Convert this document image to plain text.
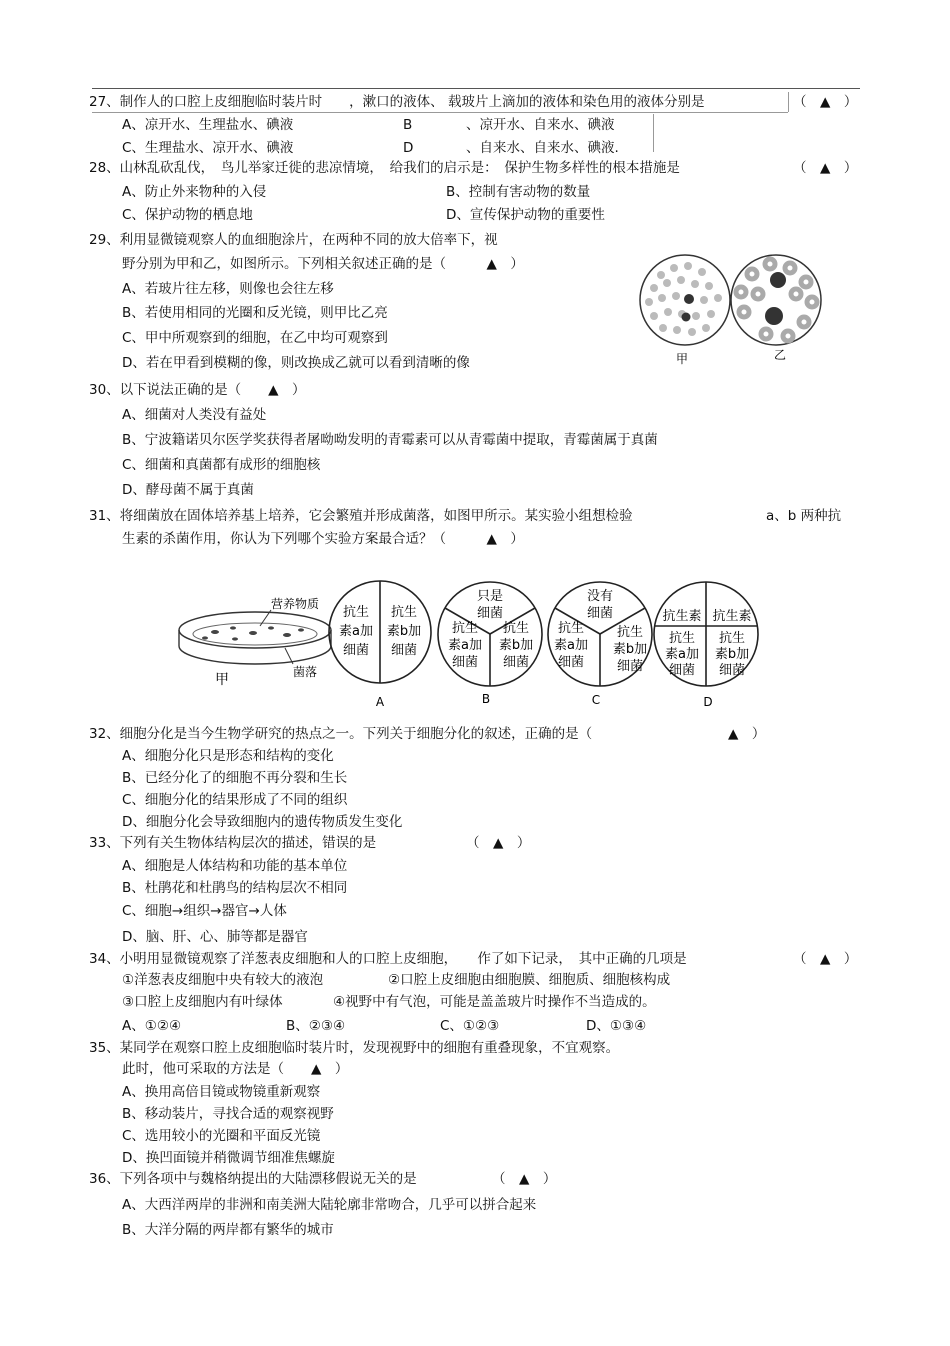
27、制作人的口腔上皮细胞临时装片时　　，漱口的液体、 载玻片上滴加的液体和染色用的液体分别是	（　▲　）
A、凉开水、生理盐水、碘液	B	、凉开水、自来水、碘液
C、生理盐水、凉开水、碘液	D	、自来水、自来水、碘液.
28、山林乱砍乱伐，　鸟儿举家迁徙的悲凉情境，　给我们的启示是：　保护生物多样性的根本措施是	（　▲　）
A、防止外来物种的入侵	B、控制有害动物的数量
C、保护动物的栖息地	D、宣传保护动物的重要性
29、利用显微镜观察人的血细胞涂片，在两种不同的放大倍率下，视
野分别为甲和乙，如图所示。下列相关叙述正确的是（　　　▲　）
A、若玻片往左移，则像也会往左移
B、若使用相同的光圈和反光镜，则甲比乙亮
C、甲中所观察到的细胞，在乙中均可观察到
D、若在甲看到模糊的像，则改换成乙就可以看到清晰的像	甲	乙
30、以下说法正确的是（　　▲　）
A、细菌对人类没有益处
B、宁波籍诺贝尔医学奖获得者屠呦呦发明的青霉素可以从青霉菌中提取，青霉菌属于真菌
C、细菌和真菌都有成形的细胞核
D、酵母菌不属于真菌
31、将细菌放在固体培养基上培养，它会繁殖并形成菌落，如图甲所示。某实验小组想检验	a、b 两种抗
生素的杀菌作用，你认为下列哪个实验方案最合适？（　　　▲　）
营养物质
菌落
甲
抗生
素a加
细菌
抗生
素b加
细菌
A
只是
细菌
抗生
素a加
细菌
抗生
素b加
细菌
B
没有
细菌
抗生
素a加
细菌
抗生
素b加
细菌
C
抗生素 抗生素
抗生
素a加
细菌
抗生
素b加
细菌
D
32、细胞分化是当今生物学研究的热点之一。下列关于细胞分化的叙述，正确的是（	▲　）
A、细胞分化只是形态和结构的变化
B、已经分化了的细胞不再分裂和生长
C、细胞分化的结果形成了不同的组织
D、细胞分化会导致细胞内的遗传物质发生变化
33、下列有关生物体结构层次的描述，错误的是	（　▲　）
A、细胞是人体结构和功能的基本单位
B、杜鹃花和杜鹃鸟的结构层次不相同
C、细胞→组织→器官→人体
D、脑、肝、心、肺等都是器官
34、小明用显微镜观察了洋葱表皮细胞和人的口腔上皮细胞，　　作了如下记录，　其中正确的几项是	（　▲　）
①洋葱表皮细胞中央有较大的液泡	②口腔上皮细胞由细胞膜、细胞质、细胞核构成
③口腔上皮细胞内有叶绿体	④视野中有气泡，可能是盖盖玻片时操作不当造成的。
A、①②④	B、②③④	C、①②③	D、①③④
35、某同学在观察口腔上皮细胞临时装片时，发现视野中的细胞有重叠现象，不宜观察。
此时，他可采取的方法是（　　▲　）
A、换用高倍目镜或物镜重新观察
B、移动装片，寻找合适的观察视野
C、选用较小的光圈和平面反光镜
D、换凹面镜并稍微调节细准焦螺旋
36、下列各项中与魏格纳提出的大陆漂移假说无关的是	（　▲　）
A、大西洋两岸的非洲和南美洲大陆轮廓非常吻合，几乎可以拼合起来
B、大洋分隔的两岸都有繁华的城市
